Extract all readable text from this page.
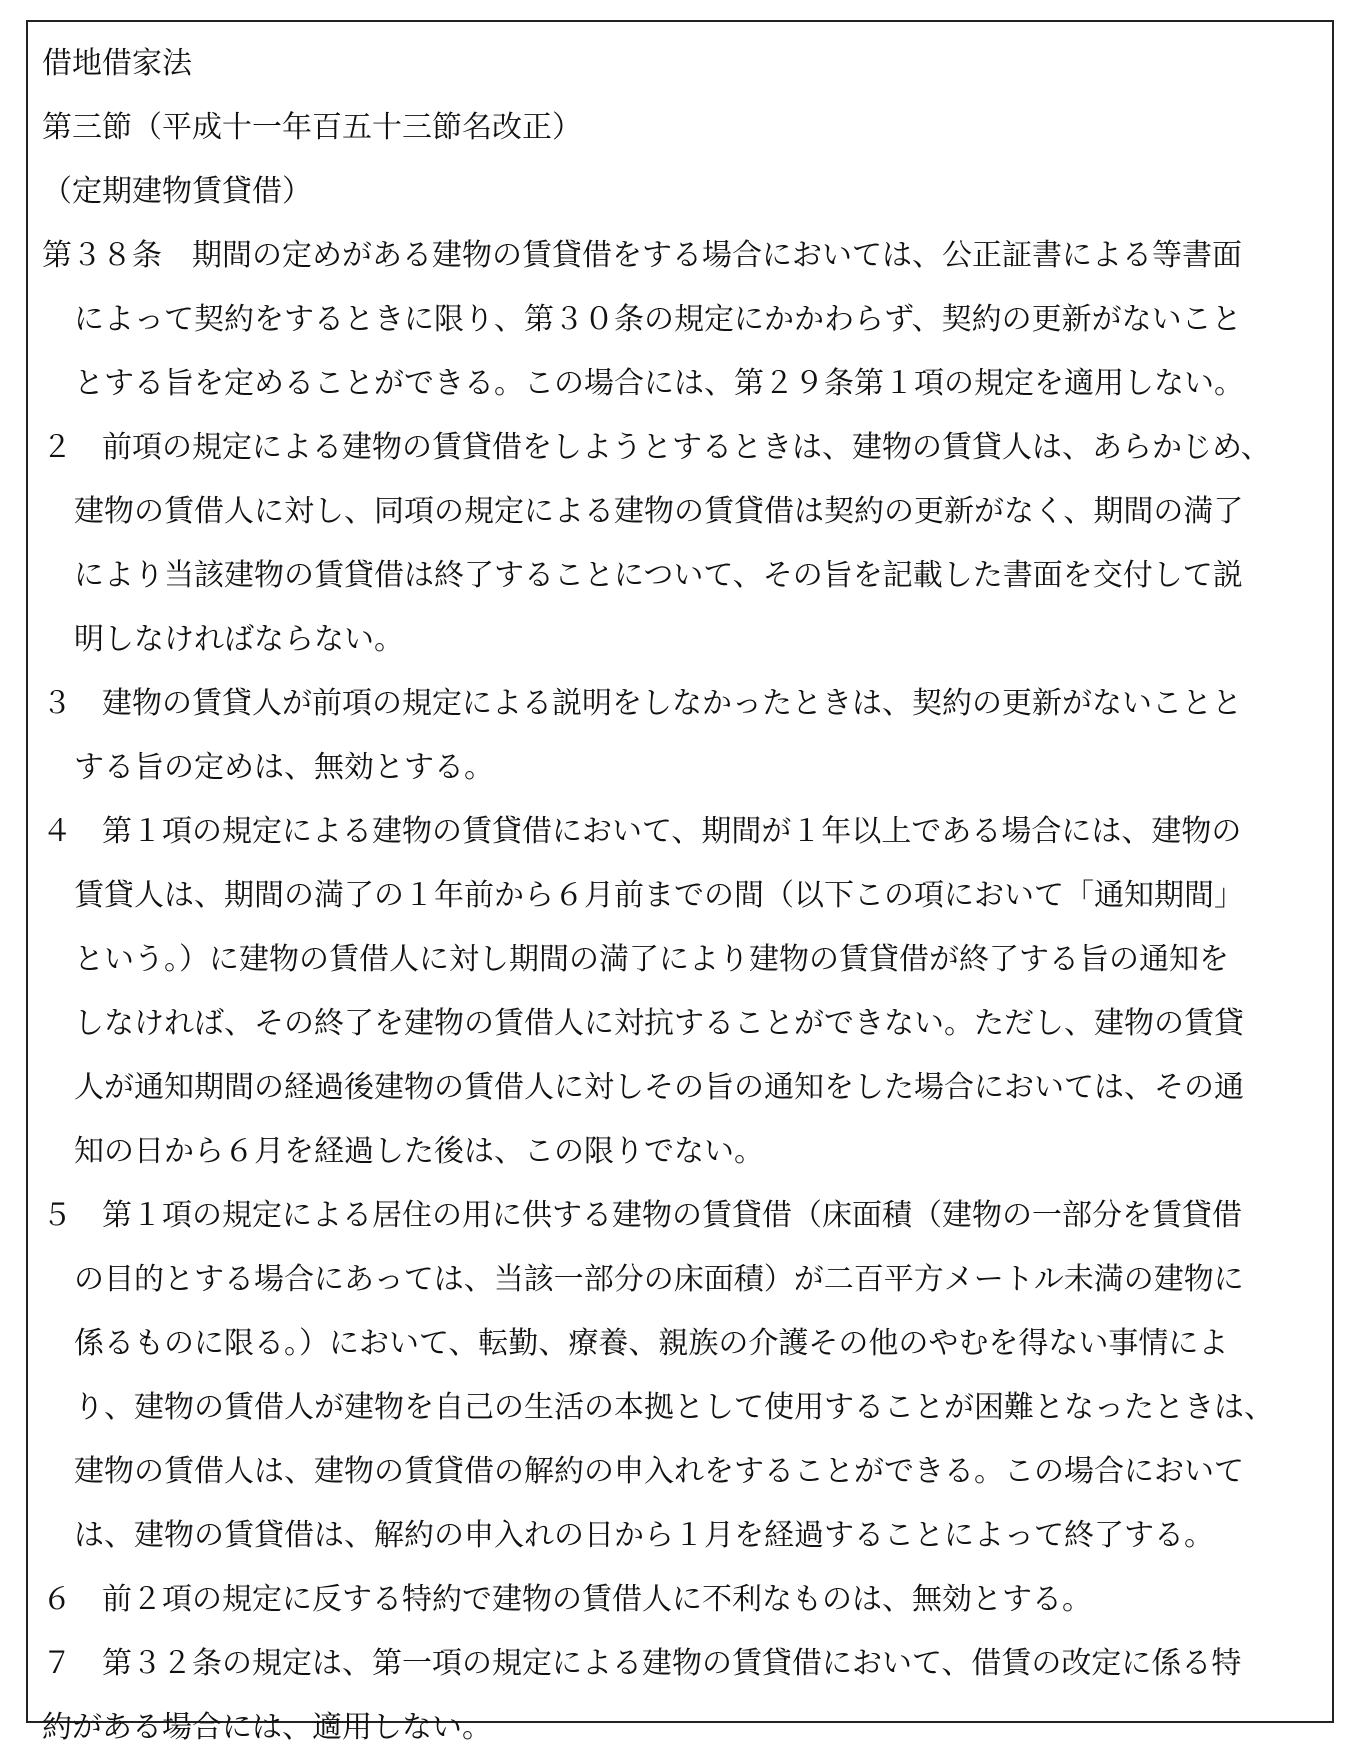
借地借家法
第三節（平成十一年百五十三節名改正）
（定期建物賃貸借）
第３８条　期間の定めがある建物の賃貸借をする場合においては、公正証書による等書面
によって契約をするときに限り、第３０条の規定にかかわらず、契約の更新がないこと
とする旨を定めることができる。この場合には、第２９条第１項の規定を適用しない。
２　前項の規定による建物の賃貸借をしようとするときは、建物の賃貸人は、あらかじめ、
建物の賃借人に対し、同項の規定による建物の賃貸借は契約の更新がなく、期間の満了
により当該建物の賃貸借は終了することについて、その旨を記載した書面を交付して説
明しなければならない。
３　建物の賃貸人が前項の規定による説明をしなかったときは、契約の更新がないことと
する旨の定めは、無効とする。
４　第１項の規定による建物の賃貸借において、期間が１年以上である場合には、建物の
賃貸人は、期間の満了の１年前から６月前までの間（以下この項において「通知期間」
という。）に建物の賃借人に対し期間の満了により建物の賃貸借が終了する旨の通知を
しなければ、その終了を建物の賃借人に対抗することができない。ただし、建物の賃貸
人が通知期間の経過後建物の賃借人に対しその旨の通知をした場合においては、その通
知の日から６月を経過した後は、この限りでない。
５　第１項の規定による居住の用に供する建物の賃貸借（床面積（建物の一部分を賃貸借
の目的とする場合にあっては、当該一部分の床面積）が二百平方メートル未満の建物に
係るものに限る。）において、転勤、療養、親族の介護その他のやむを得ない事情によ
り、建物の賃借人が建物を自己の生活の本拠として使用することが困難となったときは、
建物の賃借人は、建物の賃貸借の解約の申入れをすることができる。この場合において
は、建物の賃貸借は、解約の申入れの日から１月を経過することによって終了する。
６　前２項の規定に反する特約で建物の賃借人に不利なものは、無効とする。
７　第３２条の規定は、第一項の規定による建物の賃貸借において、借賃の改定に係る特
約がある場合には、適用しない。
